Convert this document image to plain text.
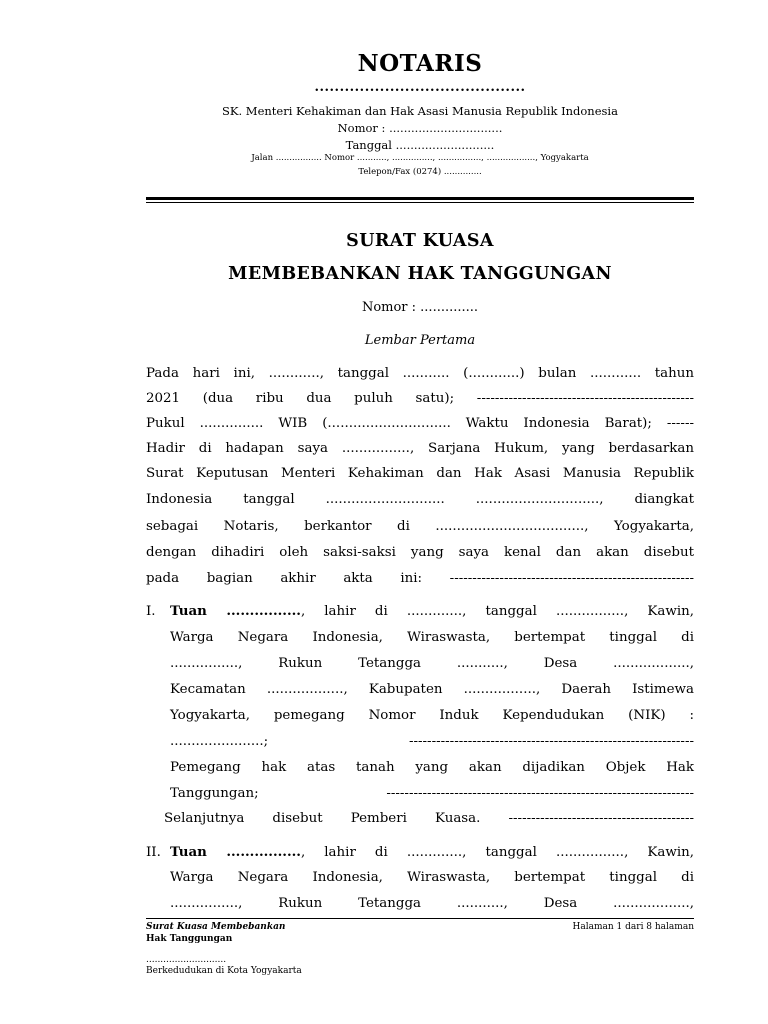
NOTARIS
..........................................
SK. Menteri Kehakiman dan Hak Asasi Manusia Republik Indonesia
Nomor : ...............................
Tanggal ...........................
Jalan ................. Nomor ..........., ..............., ................, .................., Yogyakarta
Telepon/Fax (0274) ..............
SURAT KUASA
MEMBEBANKAN HAK TANGGUNGAN
Nomor : ..............
Lembar Pertama
Pada hari ini, ............, tanggal ........... (............) bulan ............ tahun
2021 (dua ribu dua puluh satu); ------------------------------------------------
Pukul ............... WIB (............................. Waktu Indonesia Barat); ------
Hadir di hadapan saya ................, Sarjana Hukum, yang berdasarkan
Surat Keputusan Menteri Kehakiman dan Hak Asasi Manusia Republik
Indonesia tanggal ............................ ............................., diangkat
sebagai Notaris, berkantor di ..................................., Yogyakarta,
dengan dihadiri oleh saksi-saksi yang saya kenal dan akan disebut
pada bagian akhir akta ini: ------------------------------------------------------
I. Tuan ................, lahir di ............., tanggal ................, Kawin,
Warga Negara Indonesia, Wiraswasta, bertempat tinggal di
................, Rukun Tetangga ..........., Desa ..................,
Kecamatan .................., Kabupaten ................., Daerah Istimewa
Yogyakarta, pemegang Nomor Induk Kependudukan (NIK) :
......................; ---------------------------------------------------------------
Pemegang hak atas tanah yang akan dijadikan Objek Hak
Tanggungan; --------------------------------------------------------------------
Selanjutnya disebut Pemberi Kuasa. -----------------------------------------
II. Tuan ................, lahir di ............., tanggal ................, Kawin,
Warga Negara Indonesia, Wiraswasta, bertempat tinggal di
................, Rukun Tetangga ..........., Desa ..................,
Surat Kuasa Membebankan
Hak Tanggungan
Halaman 1 dari 8 halaman
............................
Berkedudukan di Kota Yogyakarta
